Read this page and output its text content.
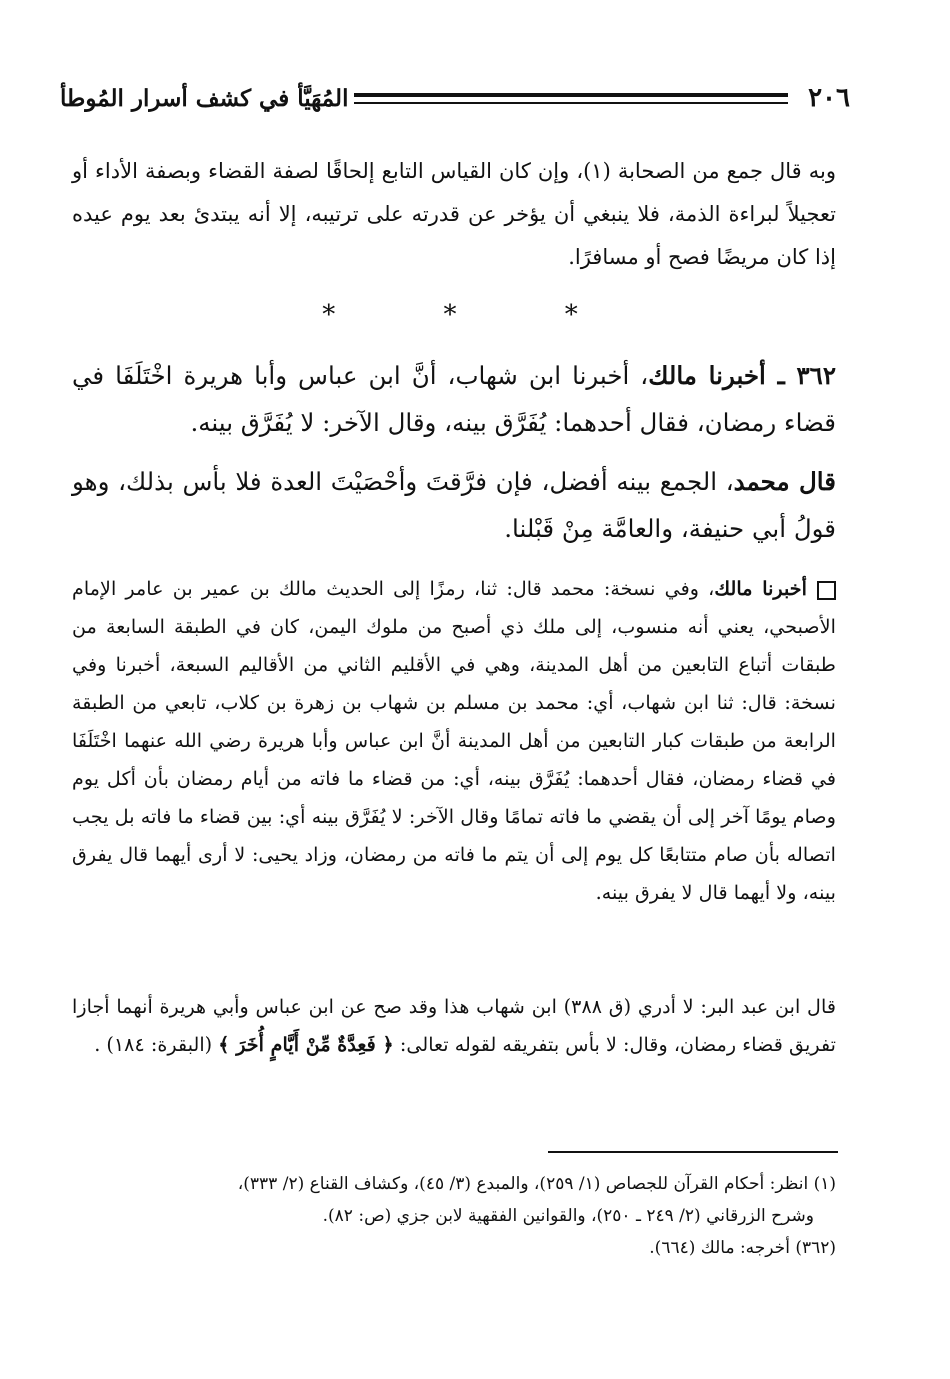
٢٠٦
المُهَيَّأ في كشف أسرار المُوطأ

وبه قال جمع من الصحابة (١)، وإن كان القياس التابع إلحاقًا لصفة القضاء وبصفة الأداء أو تعجيلاً لبراءة الذمة، فلا ينبغي أن يؤخر عن قدرته على ترتيبه، إلا أنه يبتدئ بعد يوم عيده إذا كان مريضًا فصح أو مسافرًا.

* * *

٣٦٢ ـ أخبرنا مالك، أخبرنا ابن شهاب، أنَّ ابن عباس وأبا هريرة اخْتَلَفَا في قضاء رمضان، فقال أحدهما: يُفَرَّق بينه، وقال الآخر: لا يُفَرَّق بينه.

قال محمد، الجمع بينه أفضل، فإن فرَّقتَ وأحْصَيْتَ العدة فلا بأس بذلك، وهو قولُ أبي حنيفة، والعامَّة مِنْ قَبْلنا.

أخبرنا مالك، وفي نسخة: محمد قال: ثنا، رمزًا إلى الحديث مالك بن عمير بن عامر الإمام الأصبحي، يعني أنه منسوب، إلى ملك ذي أصبح من ملوك اليمن، كان في الطبقة السابعة من طبقات أتباع التابعين من أهل المدينة، وهي في الأقليم الثاني من الأقاليم السبعة، أخبرنا وفي نسخة: قال: ثنا ابن شهاب، أي: محمد بن مسلم بن شهاب بن زهرة بن كلاب، تابعي من الطبقة الرابعة من طبقات كبار التابعين من أهل المدينة أنَّ ابن عباس وأبا هريرة رضي الله عنهما اخْتَلَفَا في قضاء رمضان، فقال أحدهما: يُفَرَّق بينه، أي: من قضاء ما فاته من أيام رمضان بأن أكل يوم وصام يومًا آخر إلى أن يقضي ما فاته تمامًا وقال الآخر: لا يُفَرَّق بينه أي: بين قضاء ما فاته بل يجب اتصاله بأن صام متتابعًا كل يوم إلى أن يتم ما فاته من رمضان، وزاد يحيى: لا أرى أيهما قال يفرق بينه، ولا أيهما قال لا يفرق بينه.

قال ابن عبد البر: لا أدري (ق ٣٨٨) ابن شهاب هذا وقد صح عن ابن عباس وأبي هريرة أنهما أجازا تفريق قضاء رمضان، وقال: لا بأس بتفريقه لقوله تعالى: ﴿ فَعِدَّةٌ مِّنْ أَيَّامٍ أُخَرَ ﴾ (البقرة: ١٨٤) .

(١) انظر: أحكام القرآن للجصاص (١/ ٢٥٩)، والمبدع (٣/ ٤٥)، وكشاف القناع (٢/ ٣٣٣)،

وشرح الزرقاني (٢/ ٢٤٩ ـ ٢٥٠)، والقوانين الفقهية لابن جزي (ص: ٨٢).

(٣٦٢) أخرجه: مالك (٦٦٤).
